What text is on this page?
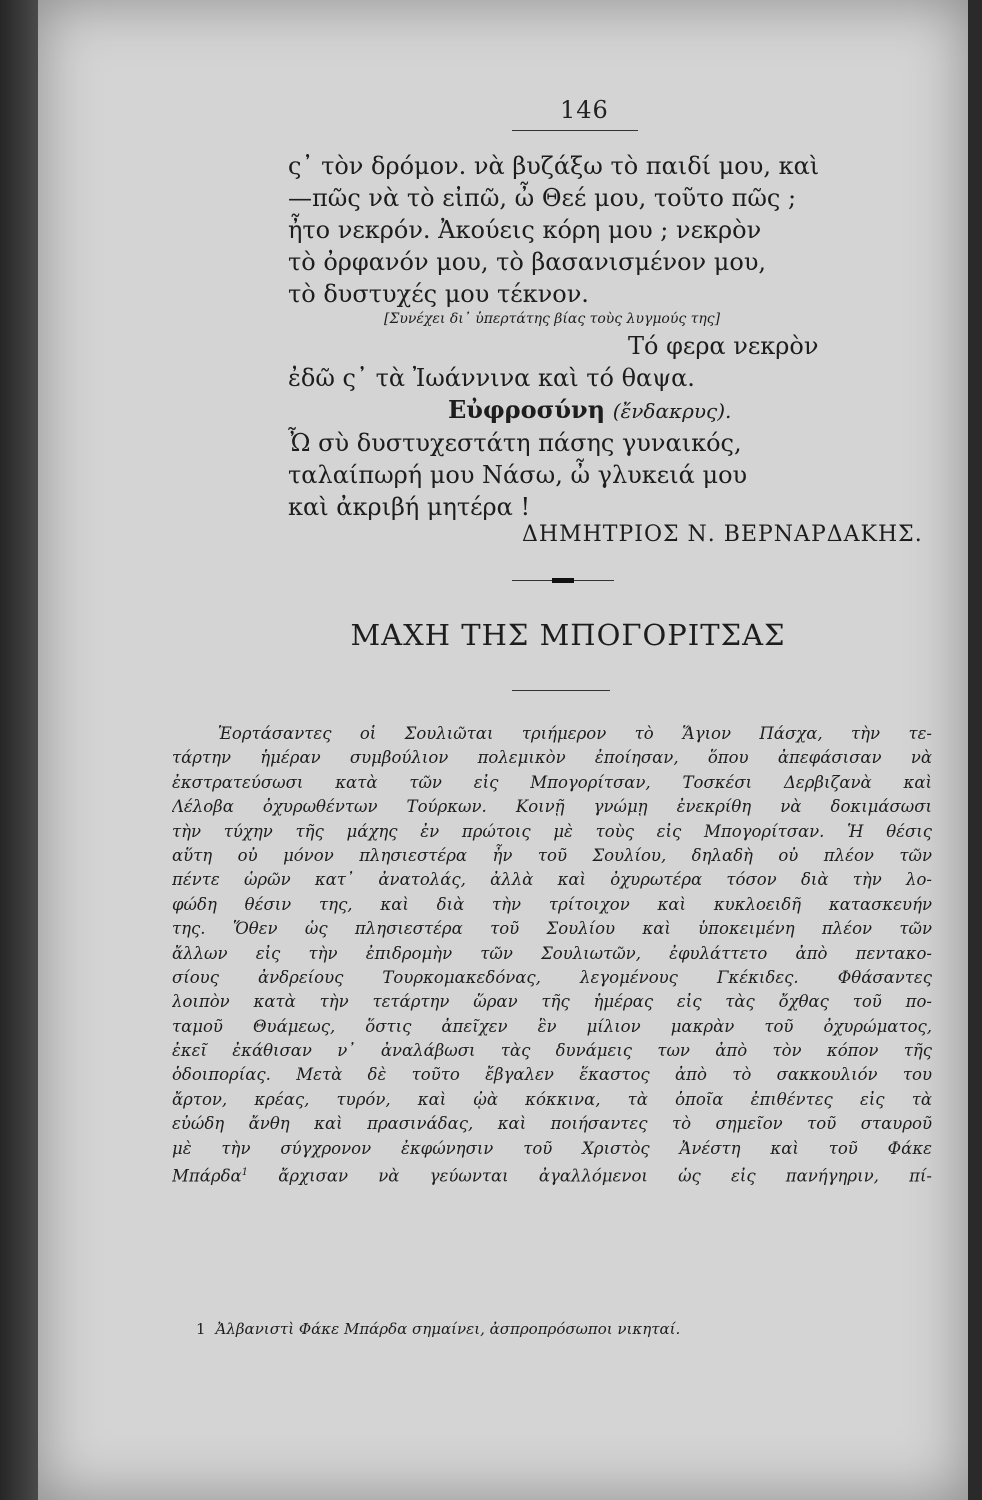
146
ς᾽ τὸν δρόμον. νὰ βυζάξω τὸ παιδί μου, καὶ
—πῶς νὰ τὸ εἰπῶ, ὦ Θεέ μου, τοῦτο πῶς ;
ἦτο νεκρόν. Ἀκούεις κόρη μου ; νεκρὸν
τὸ ὀρφανόν μου, τὸ βασανισμένον μου,
τὸ δυστυχές μου τέκνον.
[Συνέχει δι᾽ ὑπερτάτης βίας τοὺς λυγμούς της]
Τό φερα νεκρὸν
ἐδῶ ς᾽ τὰ Ἰωάννινα καὶ τό θαψα.
Εὐφροσύνη (ἔνδακρυς).
Ὦ σὺ δυστυχεστάτη πάσης γυναικός,
ταλαίπωρή μου Νάσω, ὦ γλυκειά μου
καὶ ἀκριβή μητέρα !
ΔΗΜΗΤΡΙΟΣ Ν. ΒΕΡΝΑΡΔΑΚΗΣ.
ΜΑΧΗ ΤΗΣ ΜΠΟΓΟΡΙΤΣΑΣ
Ἑορτάσαντες οἱ Σουλιῶται τριήμερον τὸ Ἅγιον Πάσχα, τὴν τε-
τάρτην ἡμέραν συμβούλιον πολεμικὸν ἐποίησαν, ὅπου ἀπεφάσισαν νὰ
ἐκστρατεύσωσι κατὰ τῶν εἰς Μπογορίτσαν, Τοσκέσι Δερβιζανὰ καὶ
Λέλοβα ὀχυρωθέντων Τούρκων. Κοινῇ γνώμῃ ἐνεκρίθη νὰ δοκιμάσωσι
τὴν τύχην τῆς μάχης ἐν πρώτοις μὲ τοὺς εἰς Μπογορίτσαν. Ἡ θέσις
αὕτη οὐ μόνον πλησιεστέρα ἦν τοῦ Σουλίου, δηλαδὴ οὐ πλέον τῶν
πέντε ὡρῶν κατ᾽ ἀνατολάς, ἀλλὰ καὶ ὀχυρωτέρα τόσον διὰ τὴν λο-
φώδη θέσιν της, καὶ διὰ τὴν τρίτοιχον καὶ κυκλοειδῆ κατασκευήν
της. Ὅθεν ὡς πλησιεστέρα τοῦ Σουλίου καὶ ὑποκειμένη πλέον τῶν
ἄλλων εἰς τὴν ἐπιδρομὴν τῶν Σουλιωτῶν, ἐφυλάττετο ἀπὸ πεντακο-
σίους ἀνδρείους Τουρκομακεδόνας, λεγομένους Γκέκιδες. Φθάσαντες
λοιπὸν κατὰ τὴν τετάρτην ὥραν τῆς ἡμέρας εἰς τὰς ὄχθας τοῦ πο-
ταμοῦ Θυάμεως, ὅστις ἀπεῖχεν ἓν μίλιον μακρὰν τοῦ ὀχυρώματος,
ἐκεῖ ἐκάθισαν ν᾽ ἀναλάβωσι τὰς δυνάμεις των ἀπὸ τὸν κόπον τῆς
ὁδοιπορίας. Μετὰ δὲ τοῦτο ἔβγαλεν ἕκαστος ἀπὸ τὸ σακκουλιόν του
ἄρτον, κρέας, τυρόν, καὶ ᾠὰ κόκκινα, τὰ ὁποῖα ἐπιθέντες εἰς τὰ
εὐώδη ἄνθη καὶ πρασινάδας, καὶ ποιήσαντες τὸ σημεῖον τοῦ σταυροῦ
μὲ τὴν σύγχρονον ἐκφώνησιν τοῦ Χριστὸς Ἀνέστη καὶ τοῦ Φάκε
Μπάρδα$^1$ ἄρχισαν νὰ γεύωνται ἀγαλλόμενοι ὡς εἰς πανήγηριν, πί-
1 Ἀλβανιστὶ Φάκε Μπάρδα σημαίνει, ἀσπροπρόσωποι νικηταί.
